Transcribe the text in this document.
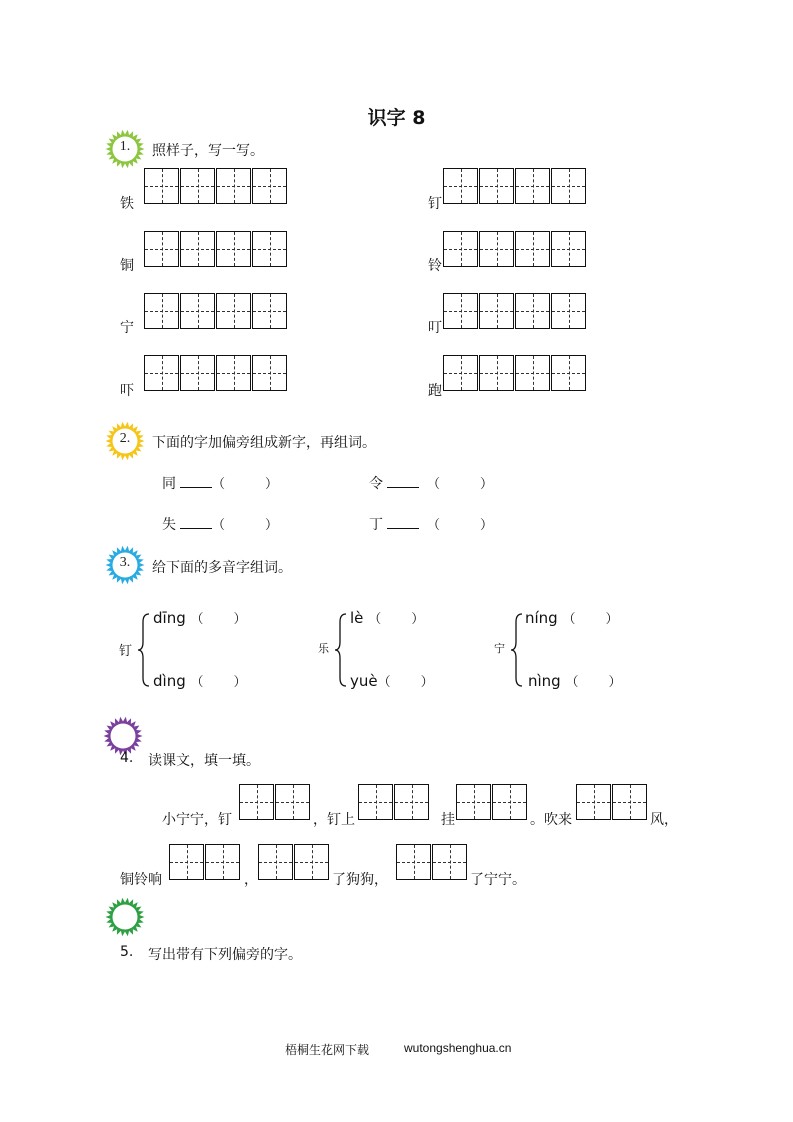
识字 8
1.	照样子，写一写。
铁	钉
铜	铃
宁	叮
吓	跑
2.	下面的字加偏旁组成新字，再组词。
同	（	）	令	（	）
失	（	）	丁	（	）
3.	给下面的多音字组词。
钉
dīng （ ）
dìng （ ）
乐
lè （ ）
yuè（ ）
宁
níng （ ）
nìng （ ）
4. 读课文，填一填。
小宁宁，钉	，钉上	挂	。吹来	风，
铜铃响	，	了狗狗，	了宁宁。
5. 写出带有下列偏旁的字。
梧桐生花网下载	wutongshenghua.cn
